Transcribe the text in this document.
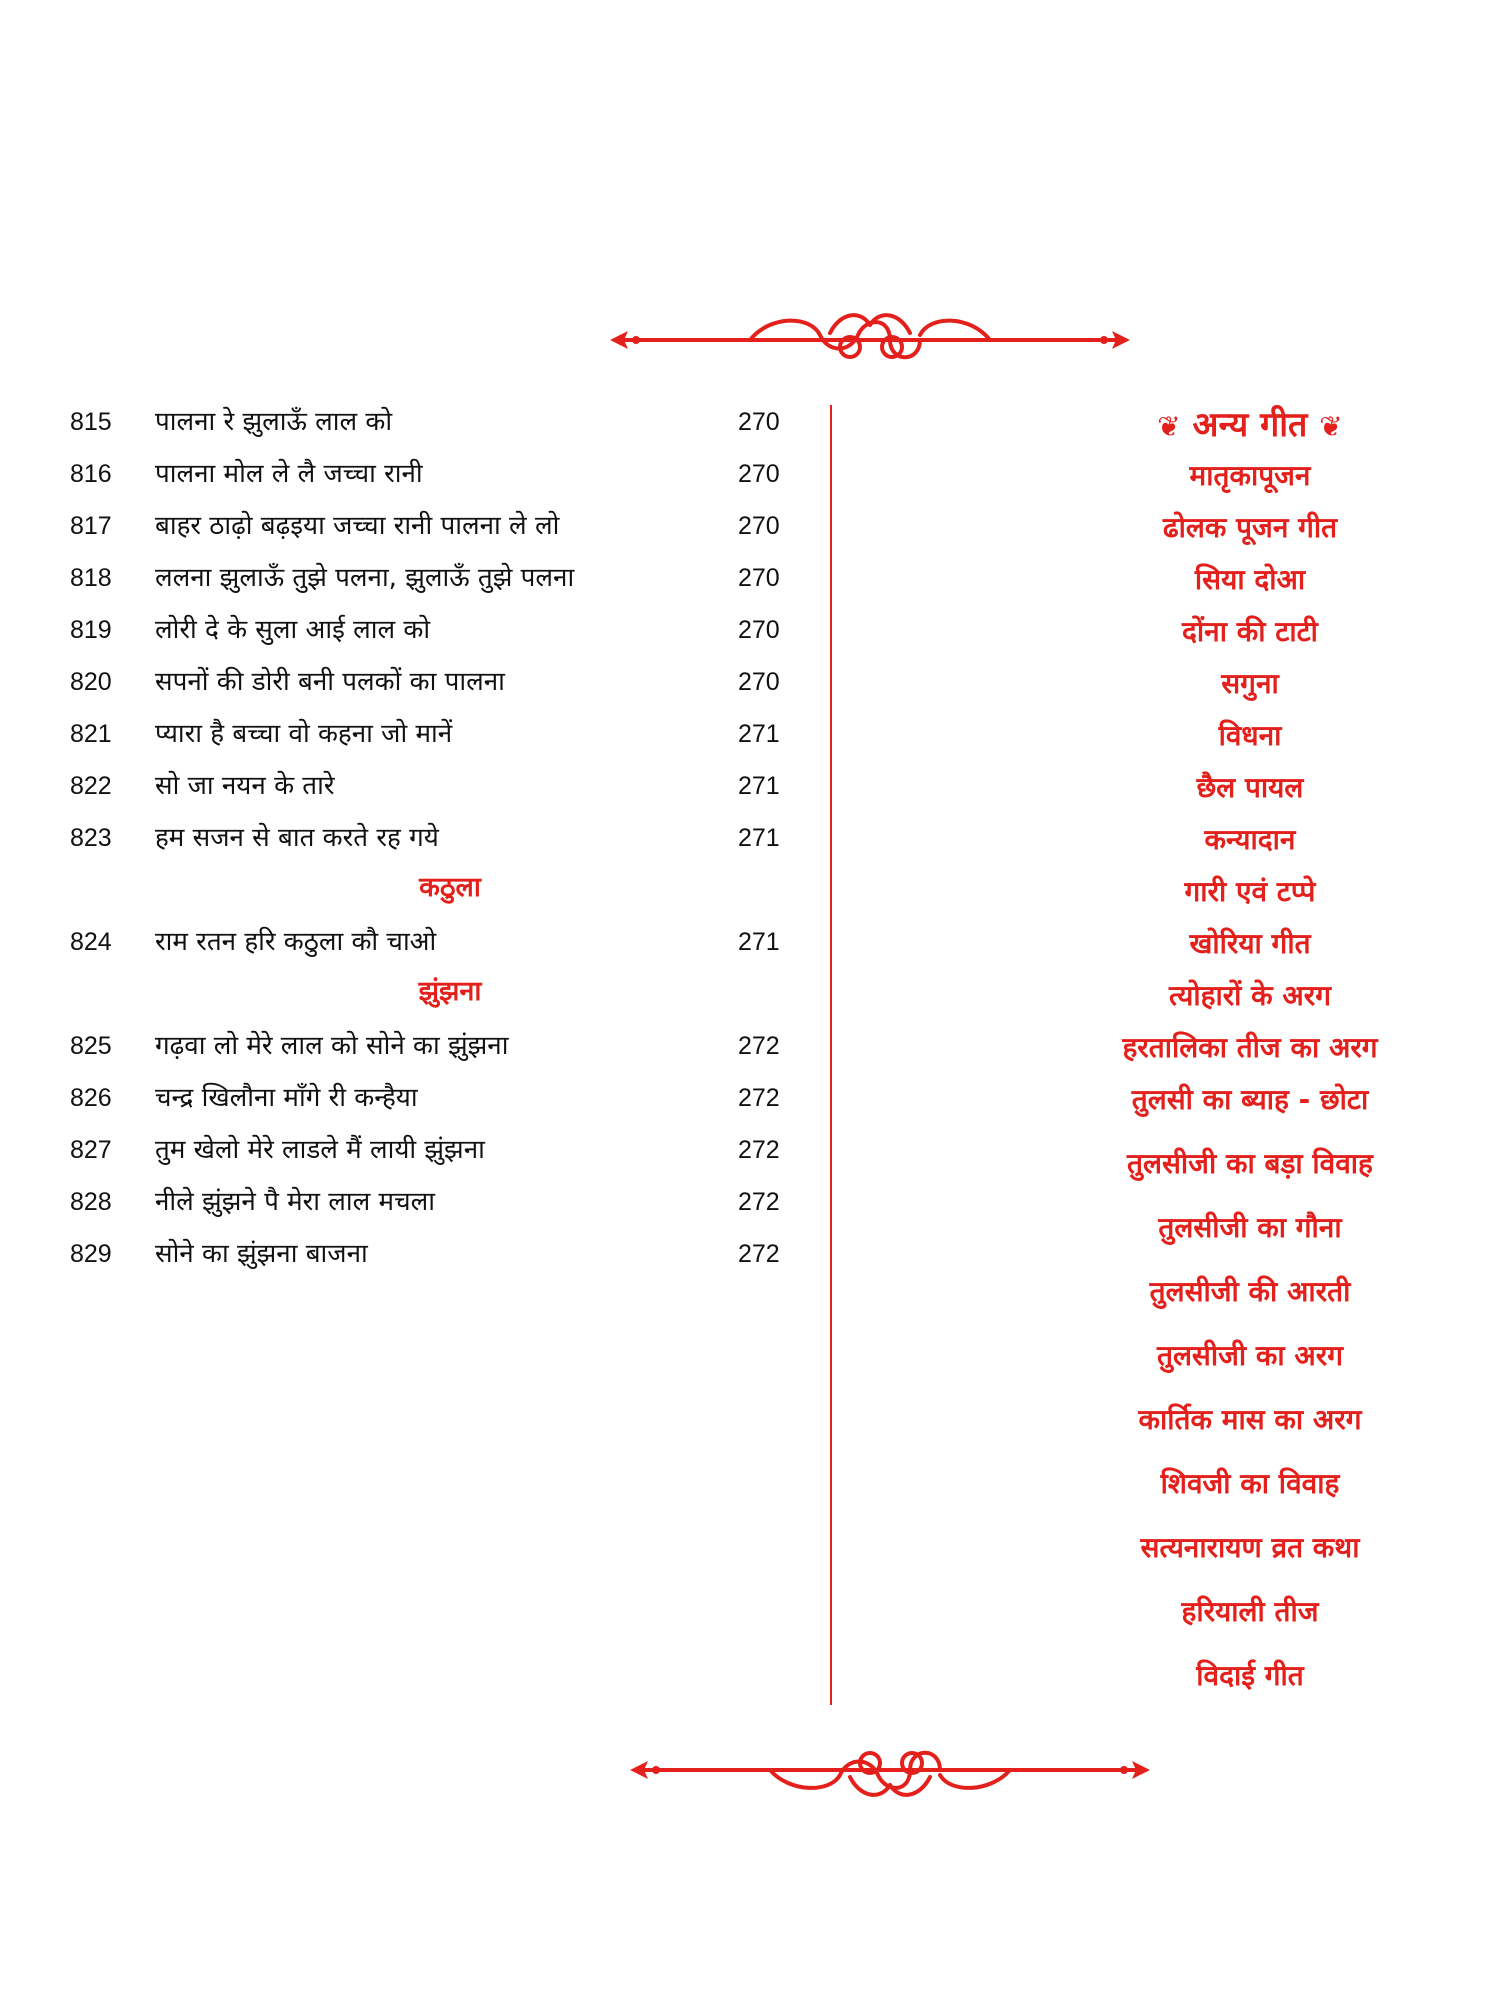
815 पालना रे झुलाऊँ लाल को	270
816 पालना मोल ले लै जच्चा रानी	270
817 बाहर ठाढ़ो बढ़इया जच्चा रानी पालना ले लो	270
818 ललना झुलाऊँ तुझे पलना, झुलाऊँ तुझे पलना	270
819 लोरी दे के सुला आई लाल को	270
820 सपनों की डोरी बनी पलकों का पालना	270
821 प्यारा है बच्चा वो कहना जो मानें	271
822 सो जा नयन के तारे	271
823 हम सजन से बात करते रह गये	271
कठुला
824 राम रतन हरि कठुला कौ चाओ	271
झुंझना
825 गढ़वा लो मेरे लाल को सोने का झुंझना	272
826 चन्द्र खिलौना माँगे री कन्हैया	272
827 तुम खेलो मेरे लाडले मैं लायी झुंझना	272
828 नीले झुंझने पै मेरा लाल मचला	272
829 सोने का झुंझना बाजना	272
❦ अन्य गीत ❦
मातृकापूजन
ढोलक पूजन गीत
सिया दोआ
दोंना की टाटी
सगुना
विधना
छैल पायल
कन्यादान
गारी एवं टप्पे
खोरिया गीत
त्योहारों के अरग
हरतालिका तीज का अरग
तुलसी का ब्याह - छोटा
तुलसीजी का बड़ा विवाह
तुलसीजी का गौना
तुलसीजी की आरती
तुलसीजी का अरग
कार्तिक मास का अरग
शिवजी का विवाह
सत्यनारायण व्रत कथा
हरियाली तीज
विदाई गीत
